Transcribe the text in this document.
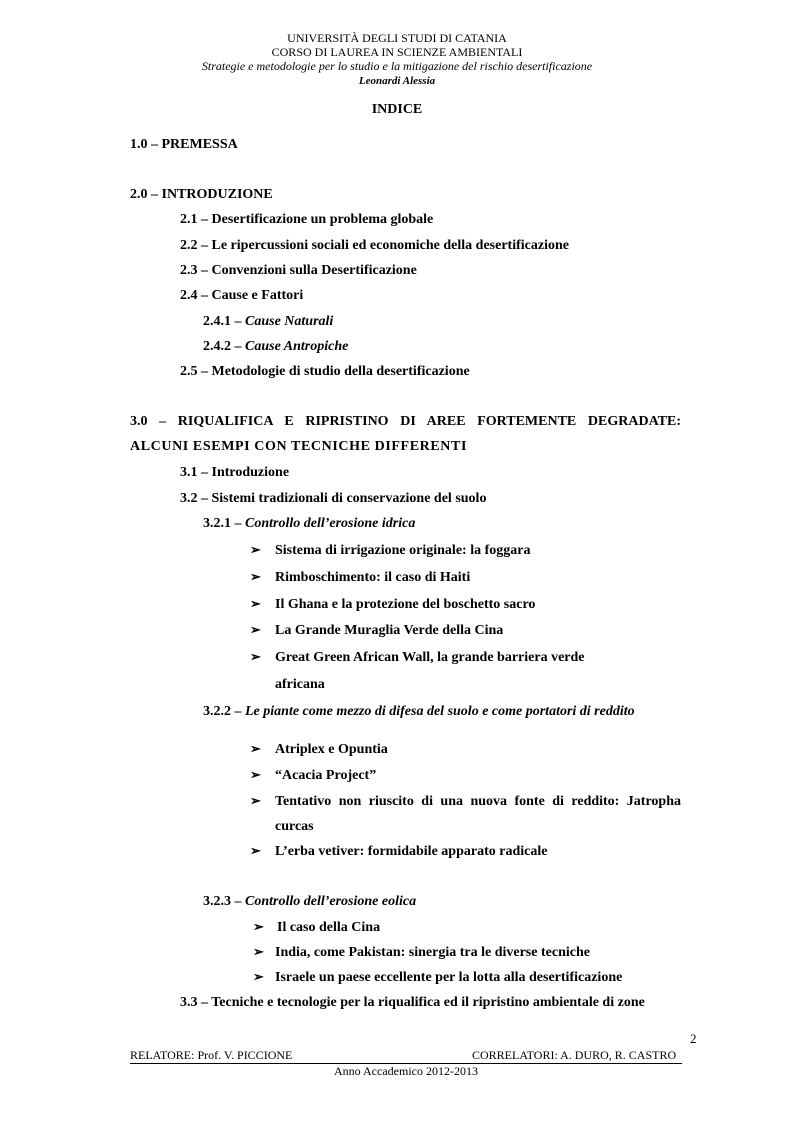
UNIVERSITÀ DEGLI STUDI DI CATANIA
CORSO DI LAUREA IN SCIENZE AMBIENTALI
Strategie e metodologie per lo studio e la mitigazione del rischio desertificazione
Leonardi Alessia
INDICE
1.0 – PREMESSA
2.0 – INTRODUZIONE
2.1 – Desertificazione un problema globale
2.2 – Le ripercussioni sociali ed economiche della desertificazione
2.3 – Convenzioni sulla Desertificazione
2.4 – Cause e Fattori
2.4.1 – Cause Naturali
2.4.2 – Cause Antropiche
2.5 – Metodologie di studio della desertificazione
3.0 – RIQUALIFICA E RIPRISTINO DI AREE FORTEMENTE DEGRADATE:
ALCUNI ESEMPI CON TECNICHE DIFFERENTI
3.1 – Introduzione
3.2 – Sistemi tradizionali di conservazione del suolo
3.2.1 – Controllo dell’erosione idrica
➢ Sistema di irrigazione originale: la foggara
➢ Rimboschimento: il caso di Haiti
➢ Il Ghana e la protezione del boschetto sacro
➢ La Grande Muraglia Verde della Cina
➢ Great Green African Wall, la grande barriera verde
africana
3.2.2 – Le piante come mezzo di difesa del suolo e come portatori di reddito
➢ Atriplex e Opuntia
➢ “Acacia Project”
➢ Tentativo non riuscito di una nuova fonte di reddito: Jatropha
curcas
➢ L’erba vetiver: formidabile apparato radicale
3.2.3 – Controllo dell’erosione eolica
➢ Il caso della Cina
➢ India, come Pakistan: sinergia tra le diverse tecniche
➢ Israele un paese eccellente per la lotta alla desertificazione
3.3 – Tecniche e tecnologie per la riqualifica ed il ripristino ambientale di zone
2
RELATORE: Prof. V. PICCIONE	CORRELATORI: A. DURO, R. CASTRO
Anno Accademico 2012-2013
